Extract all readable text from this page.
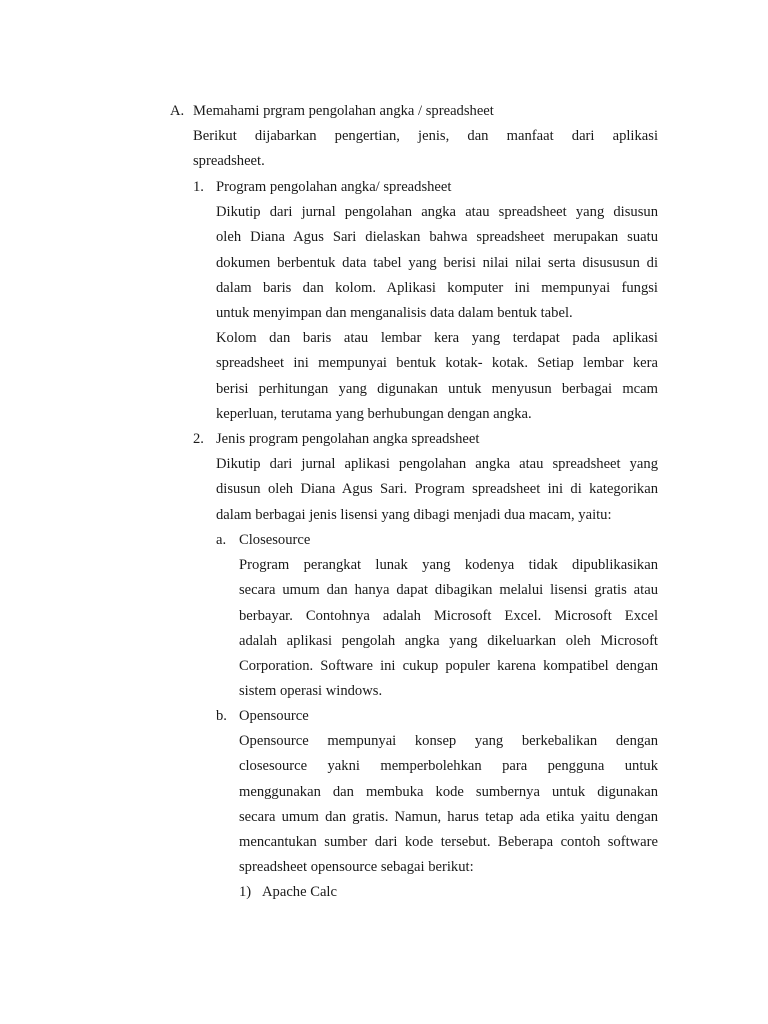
A. Memahami prgram pengolahan angka / spreadsheet
Berikut dijabarkan pengertian, jenis, dan manfaat dari aplikasi
spreadsheet.
1. Program pengolahan angka/ spreadsheet
Dikutip dari jurnal pengolahan angka atau spreadsheet yang disusun
oleh Diana Agus Sari dielaskan bahwa spreadsheet merupakan suatu
dokumen berbentuk data tabel yang berisi nilai nilai serta disususun di
dalam baris dan kolom. Aplikasi komputer ini mempunyai fungsi
untuk menyimpan dan menganalisis data dalam bentuk tabel.
Kolom dan baris atau lembar kera yang terdapat pada aplikasi
spreadsheet ini mempunyai bentuk kotak- kotak. Setiap lembar kera
berisi perhitungan yang digunakan untuk menyusun berbagai mcam
keperluan, terutama yang berhubungan dengan angka.
2. Jenis program pengolahan angka spreadsheet
Dikutip dari jurnal aplikasi pengolahan angka atau spreadsheet yang
disusun oleh Diana Agus Sari. Program spreadsheet ini di kategorikan
dalam berbagai jenis lisensi yang dibagi menjadi dua macam, yaitu:
a. Closesource
Program perangkat lunak yang kodenya tidak dipublikasikan
secara umum dan hanya dapat dibagikan melalui lisensi gratis atau
berbayar. Contohnya adalah Microsoft Excel. Microsoft Excel
adalah aplikasi pengolah angka yang dikeluarkan oleh Microsoft
Corporation. Software ini cukup populer karena kompatibel dengan
sistem operasi windows.
b. Opensource
Opensource mempunyai konsep yang berkebalikan dengan
closesource yakni memperbolehkan para pengguna untuk
menggunakan dan membuka kode sumbernya untuk digunakan
secara umum dan gratis. Namun, harus tetap ada etika yaitu dengan
mencantukan sumber dari kode tersebut. Beberapa contoh software
spreadsheet opensource sebagai berikut:
1) Apache Calc
